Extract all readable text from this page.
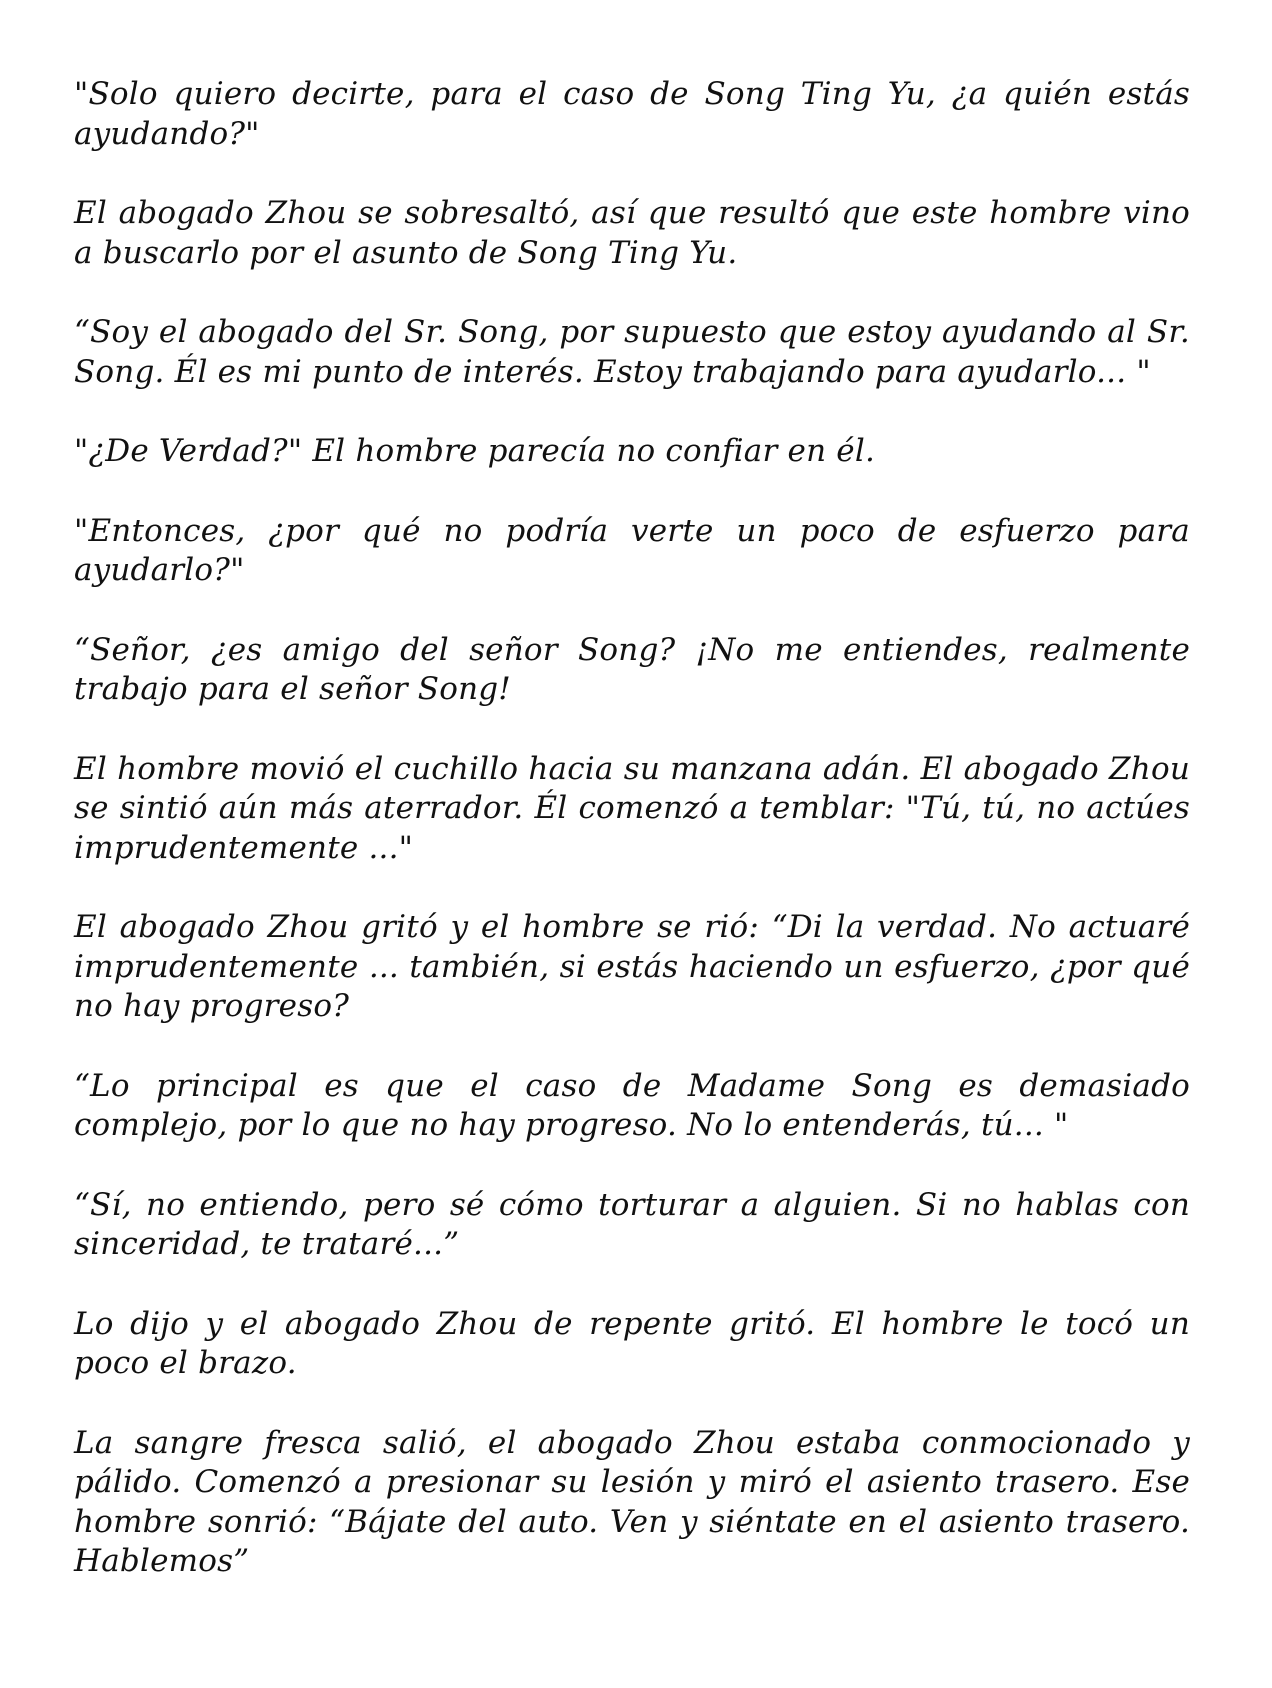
"Solo quiero decirte, para el caso de Song Ting Yu, ¿a quién estás ayudando?"

El abogado Zhou se sobresaltó, así que resultó que este hombre vino a buscarlo por el asunto de Song Ting Yu.

“Soy el abogado del Sr. Song, por supuesto que estoy ayudando al Sr. Song. Él es mi punto de interés. Estoy trabajando para ayudarlo... "

"¿De Verdad?" El hombre parecía no confiar en él.

"Entonces, ¿por qué no podría verte un poco de esfuerzo para ayudarlo?"

“Señor, ¿es amigo del señor Song? ¡No me entiendes, realmente trabajo para el señor Song!

El hombre movió el cuchillo hacia su manzana adán. El abogado Zhou se sintió aún más aterrador. Él comenzó a temblar: "Tú, tú, no actúes imprudentemente ..."

El abogado Zhou gritó y el hombre se rió: “Di la verdad. No actuaré imprudentemente ... también, si estás haciendo un esfuerzo, ¿por qué no hay progreso?

“Lo principal es que el caso de Madame Song es demasiado complejo, por lo que no hay progreso. No lo entenderás, tú... "

“Sí, no entiendo, pero sé cómo torturar a alguien. Si no hablas con sinceridad, te trataré...”

Lo dijo y el abogado Zhou de repente gritó. El hombre le tocó un poco el brazo.

La sangre fresca salió, el abogado Zhou estaba conmocionado y pálido. Comenzó a presionar su lesión y miró el asiento trasero. Ese hombre sonrió: “Bájate del auto. Ven y siéntate en el asiento trasero. Hablemos”
